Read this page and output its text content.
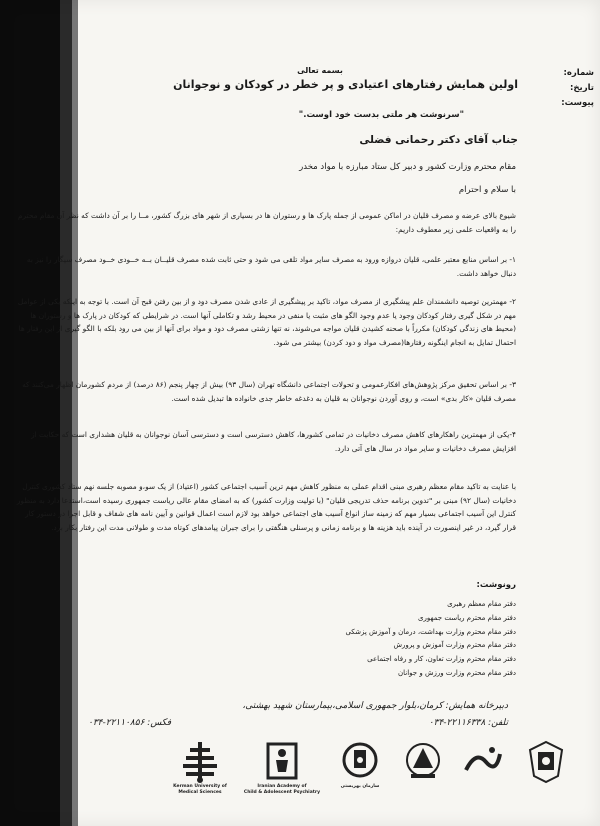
بسمه تعالی
اولین همایش رفتارهای اعتیادی و پر خطر در کودکان و نوجوانان
شماره:
تاریخ:
پیوست:
"سرنوشت هر ملتی بدست خود اوست."
جناب آقای دکتر رحمانی فضلی
مقام محترم وزارت کشور و دبیر کل ستاد مبارزه با مواد مخدر
با سلام و احترام
شیوع بالای عرضه و مصرف قلیان در اماکن عمومی از جمله پارک ها و رستوران ها در بسیاری از شهر های بزرگ کشور، مــا را بر آن داشت که نظر آن مقام محترم را به واقعیات علمی زیر معطوف داریم:
۱- بر اساس منابع معتبر علمی، قلیان دروازه ورود به مصرف سایر مواد تلقی می شود و حتی ثابت شده مصرف قلیــان بــه خــودی خــود مصرف سیگار را نیز به دنبال خواهد داشت.
۲- مهمترین توصیه دانشمندان علم پیشگیری از مصرف مواد، تاکید بر پیشگیری از عادی شدن مصرف دود و از بین رفتن قبح آن است. با توجه به اینکه یکی از عوامل مهم در شکل گیری رفتار کودکان وجود یا عدم وجود الگو های مثبت یا منفی در محیط رشد و تکاملی آنها است. در شرایطی که کودکان در پارک ها و رستوران ها (محیط های زندگی کودکان) مکرراً با صحنه کشیدن قلیان مواجه می‌شوند، نه تنها زشتی مصرف دود و مواد برای آنها از بین می رود بلکه با الگو گیری از این رفتار ها احتمال تمایل به انجام اینگونه رفتارها(مصرف مواد و دود کردن) بیشتر می شود.
۳- بر اساس تحقیق مرکز پژوهش‌های افکارعمومی و تحولات اجتماعی دانشگاه تهران (سال ۹۳) بیش از چهار پنجم (۸۶ درصد) از مردم کشورمان اظهار می‌کنند که مصرف قلیان «کار بدی» است، و روی آوردن نوجوانان به قلیان به دغدغه خاطر جدی خانواده ها تبدیل شده است.
۴-یکی از مهمترین راهکارهای کاهش مصرف دخانیات در تمامی کشورها، کاهش دسترسی است و دسترسی آسان نوجوانان به قلیان هشداری است که حکایت از افزایش مصرف دخانیات و سایر مواد در سال های آتی دارد.
با عنایت به تاکید مقام معظم رهبری مبنی اقدام عملی به منظور کاهش مهم ترین آسیب اجتماعی کشور (اعتیاد) از یک سو،و مصوبه جلسه نهم ستاد کشوری کنترل دخانیات (سال ۹۲) مبنی بر "تدوین برنامه حذف تدریجی قلیان" (با تولیت وزارت کشور) که به امضای مقام عالی ریاست جمهوری رسیده است،استدعا دارد به منظور کنترل این آسیب اجتماعی بسیار مهم که زمینه ساز انواع آسیب های اجتماعی خواهد بود لازم است اعمال قوانین و آیین نامه های شفاف و قابل اجرا در دستور کار قرار گیرد، در غیر اینصورت در آینده باید هزینه ها و برنامه زمانی و پرسنلی هنگفتی را برای جبران پیامدهای کوتاه مدت و طولانی مدت این رفتار بکار برد.
رونوشت:
دفتر مقام معظم رهبری
دفتر مقام محترم ریاست جمهوری
دفتر مقام محترم وزارت بهداشت، درمان و آموزش پزشکی
دفتر مقام محترم وزارت آموزش و پرورش
دفتر مقام محترم وزارت تعاون، کار و رفاه اجتماعی
دفتر مقام محترم وزارت ورزش و جوانان
دبیرخانه همایش: کرمان،بلوار جمهوری اسلامی،بیمارستان شهید بهشتی،
تلفن: ۲۲۱۱۶۳۳۸-۰۳۴
فکس: ۲۲۱۱۰۸۵۶-۰۳۴
Kerman University of
Medical Sciences
Iranian Academy of
Child & Adolescent Psychiatry
سازمان بهزیستی
